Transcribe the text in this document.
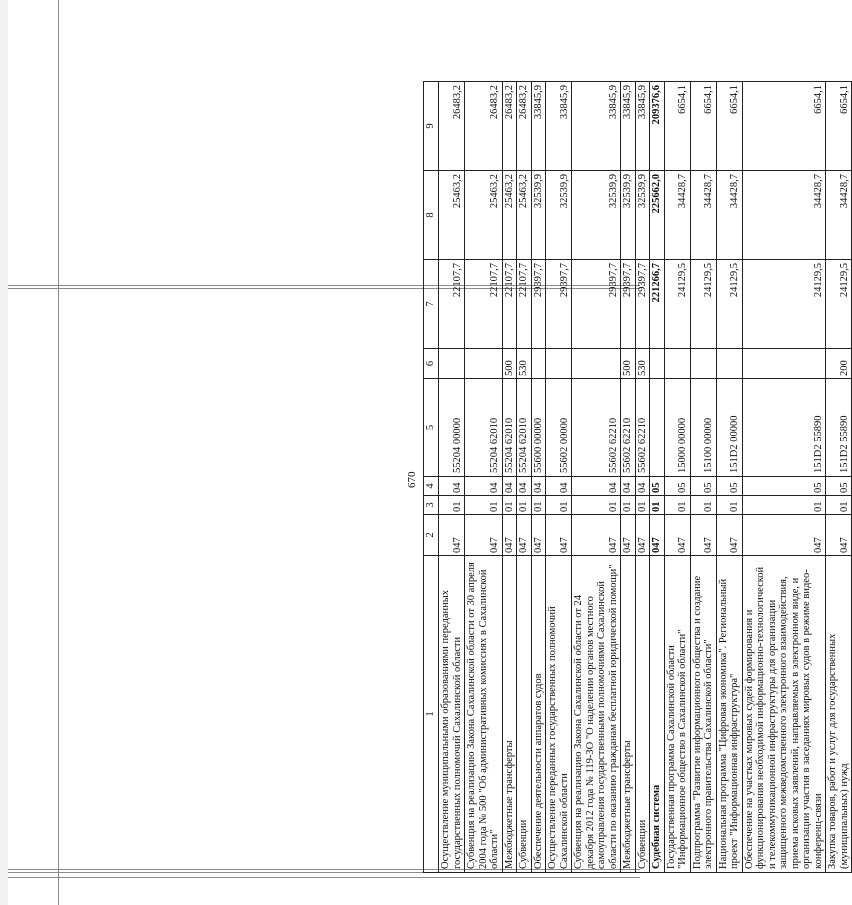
670
1	2	3	4	5	6	7	8	9
Осуществление муниципальными образованиями переданных государственных полномочий Сахалинской области	047	01	04	55204 00000		22107,7	25463,2	26483,2
Субвенция на реализацию Закона Сахалинской области от 30 апреля 2004 года № 500 "Об административных комиссиях в Сахалинской области"	047	01	04	55204 62010		22107,7	25463,2	26483,2
Межбюджетные трансферты	047	01	04	55204 62010	500	22107,7	25463,2	26483,2
Субвенции	047	01	04	55204 62010	530	22107,7	25463,2	26483,2
Обеспечение деятельности аппаратов судов	047	01	04	55600 00000		29397,7	32539,9	33845,9
Осуществление переданных государственных полномочий Сахалинской области	047	01	04	55602 00000		29397,7	32539,9	33845,9
Субвенция на реализацию Закона Сахалинской области от 24 декабря 2012 года № 119-ЗО "О наделении органов местного самоуправления государственными полномочиями Сахалинской области по оказанию гражданам бесплатной юридической помощи"	047	01	04	55602 62210		29397,7	32539,9	33845,9
Межбюджетные трансферты	047	01	04	55602 62210	500	29397,7	32539,9	33845,9
Субвенции	047	01	04	55602 62210	530	29397,7	32539,9	33845,9
Судебная система	047	01	05			221266,7	225662,0	209376,6
Государственная программа Сахалинской области "Информационное общество в Сахалинской области"	047	01	05	15000 00000		24129,5	34428,7	6654,1
Подпрограмма "Развитие информационного общества и создание электронного правительства Сахалинской области"	047	01	05	15100 00000		24129,5	34428,7	6654,1
Национальная программа "Цифровая экономика". Региональный проект "Информационная инфраструктура"	047	01	05	151D2 00000		24129,5	34428,7	6654,1
Обеспечение на участках мировых судей формирования и функционирования необходимой информационно-технологической и телекоммуникационной инфраструктуры для организации защищенного межведомственного электронного взаимодействия, приема исковых заявлений, направляемых в электронном виде, и организации участия в заседаниях мировых судов в режиме видео-конференц-связи	047	01	05	151D2 55890		24129,5	34428,7	6654,1
Закупка товаров, работ и услуг для государственных (муниципальных) нужд	047	01	05	151D2 55890	200	24129,5	34428,7	6654,1
